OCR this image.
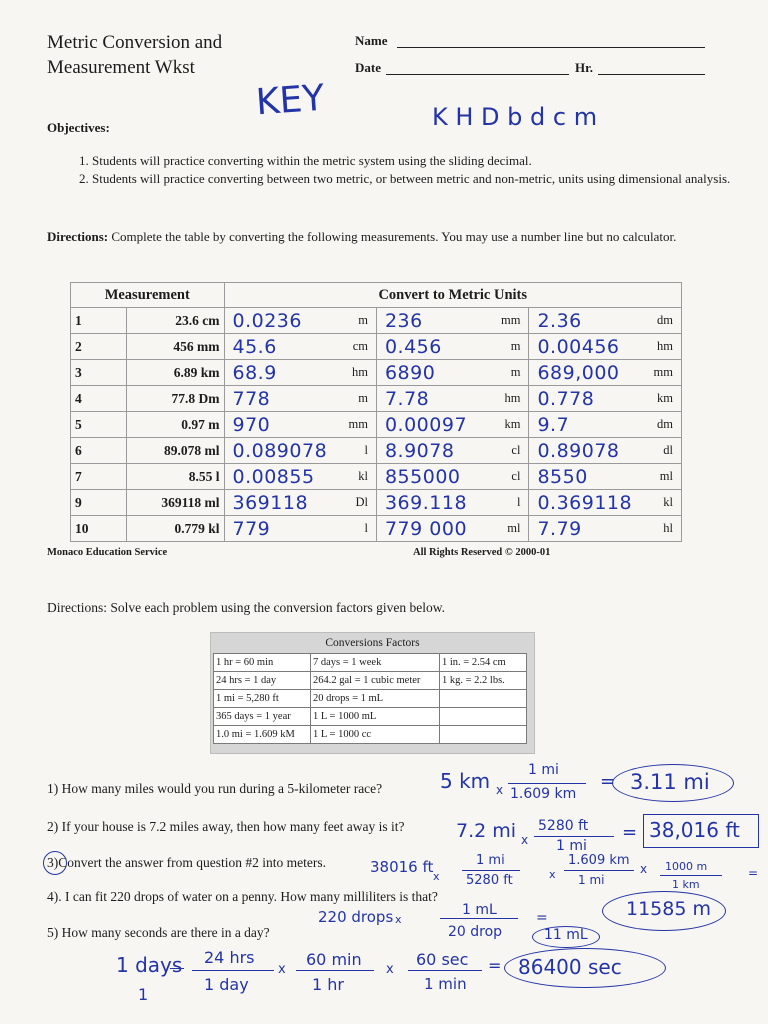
Metric Conversion and
Measurement Wkst
Name
Date	Hr.
KEY	K H D b d c m
Objectives:
1. Students will practice converting within the metric system using the sliding decimal.
2. Students will practice converting between two metric, or between metric and non-metric, units using dimensional analysis.
Directions: Complete the table by converting the following measurements. You may use a number line but no calculator.
Measurement		Convert to Metric Units					
1	23.6 cm	0.0236	m	236	mm	2.36	dm
2	456 mm	45.6	cm	0.456	m	0.00456	hm
3	6.89 km	68.9	hm	6890	m	689,000	mm
4	77.8 Dm	778	m	7.78	hm	0.778	km
5	0.97 m	970	mm	0.00097	km	9.7	dm
6	89.078 ml	0.089078	l	8.9078	cl	0.89078	dl
7	8.55 l	0.00855	kl	855000	cl	8550	ml
9	369118 ml	369118	Dl	369.118	l	0.369118	kl
10	0.779 kl	779	l	779 000	ml	7.79	hl
Monaco Education Service	All Rights Reserved © 2000-01
Directions: Solve each problem using the conversion factors given below.
Conversions Factors
1 hr = 60 min	7 days = 1 week	1 in. = 2.54 cm
24 hrs = 1 day	264.2 gal = 1 cubic meter	1 kg. = 2.2 lbs.
1 mi = 5,280 ft	20 drops = 1 mL	
365 days = 1 year	1 L = 1000 mL	
1.0 mi = 1.609 kM	1 L = 1000 cc	
1) How many miles would you run during a 5-kilometer race?
2) If your house is 7.2 miles away, then how many feet away is it?
3)Convert the answer from question #2 into meters.
4). I can fit 220 drops of water on a penny. How many milliliters is that?
5) How many seconds are there in a day?
5 km x
1 mi
1.609 km
= 3.11 mi
7.2 mi x
5280 ft
1 mi
= 38,016 ft
38016 ft
x
1 mi
5280 ft	x
1.609 km
1 mi
x 1000 m
1 km
=
11585 m
220 drops x
1 mL
20 drop
=
11 mL
1 days
1
24 hrs
1 day
x
60 min
1 hr
x
60 sec
1 min
= 86400 sec
